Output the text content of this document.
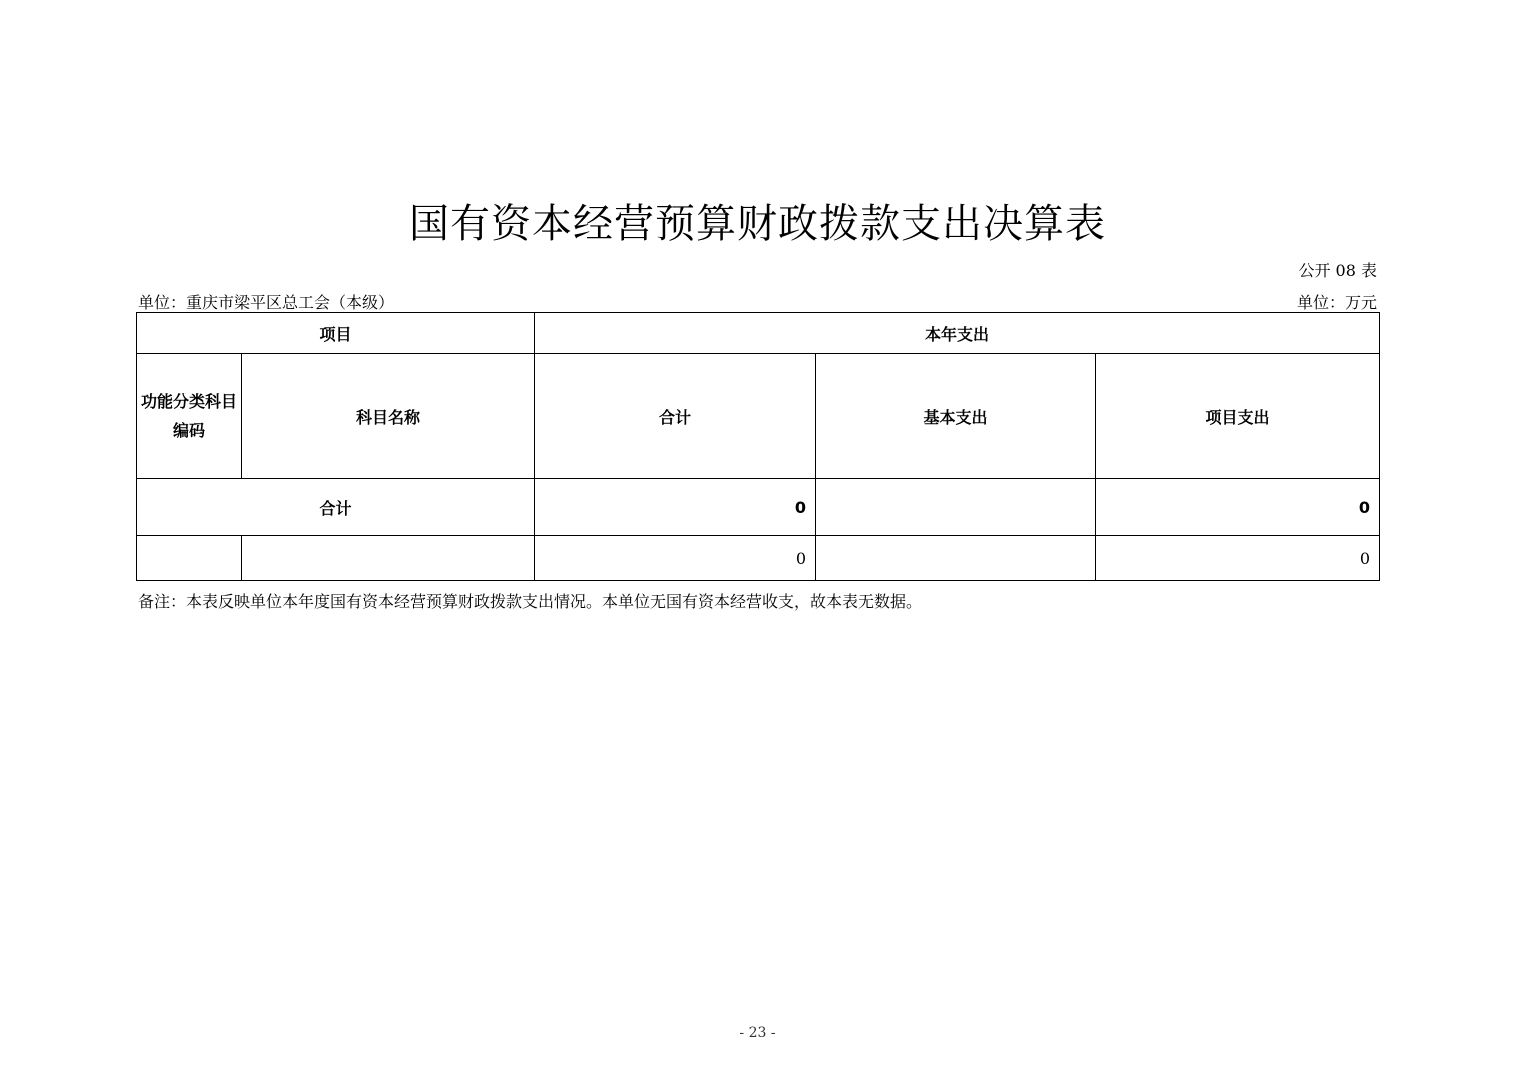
国有资本经营预算财政拨款支出决算表
公开 08 表
单位：重庆市梁平区总工会（本级）	单位：万元
项目		本年支出		
功能分类科目编码	科目名称	合计	基本支出	项目支出
合计		0		0
		0		0
备注：本表反映单位本年度国有资本经营预算财政拨款支出情况。本单位无国有资本经营收支，故本表无数据。
- 23 -
